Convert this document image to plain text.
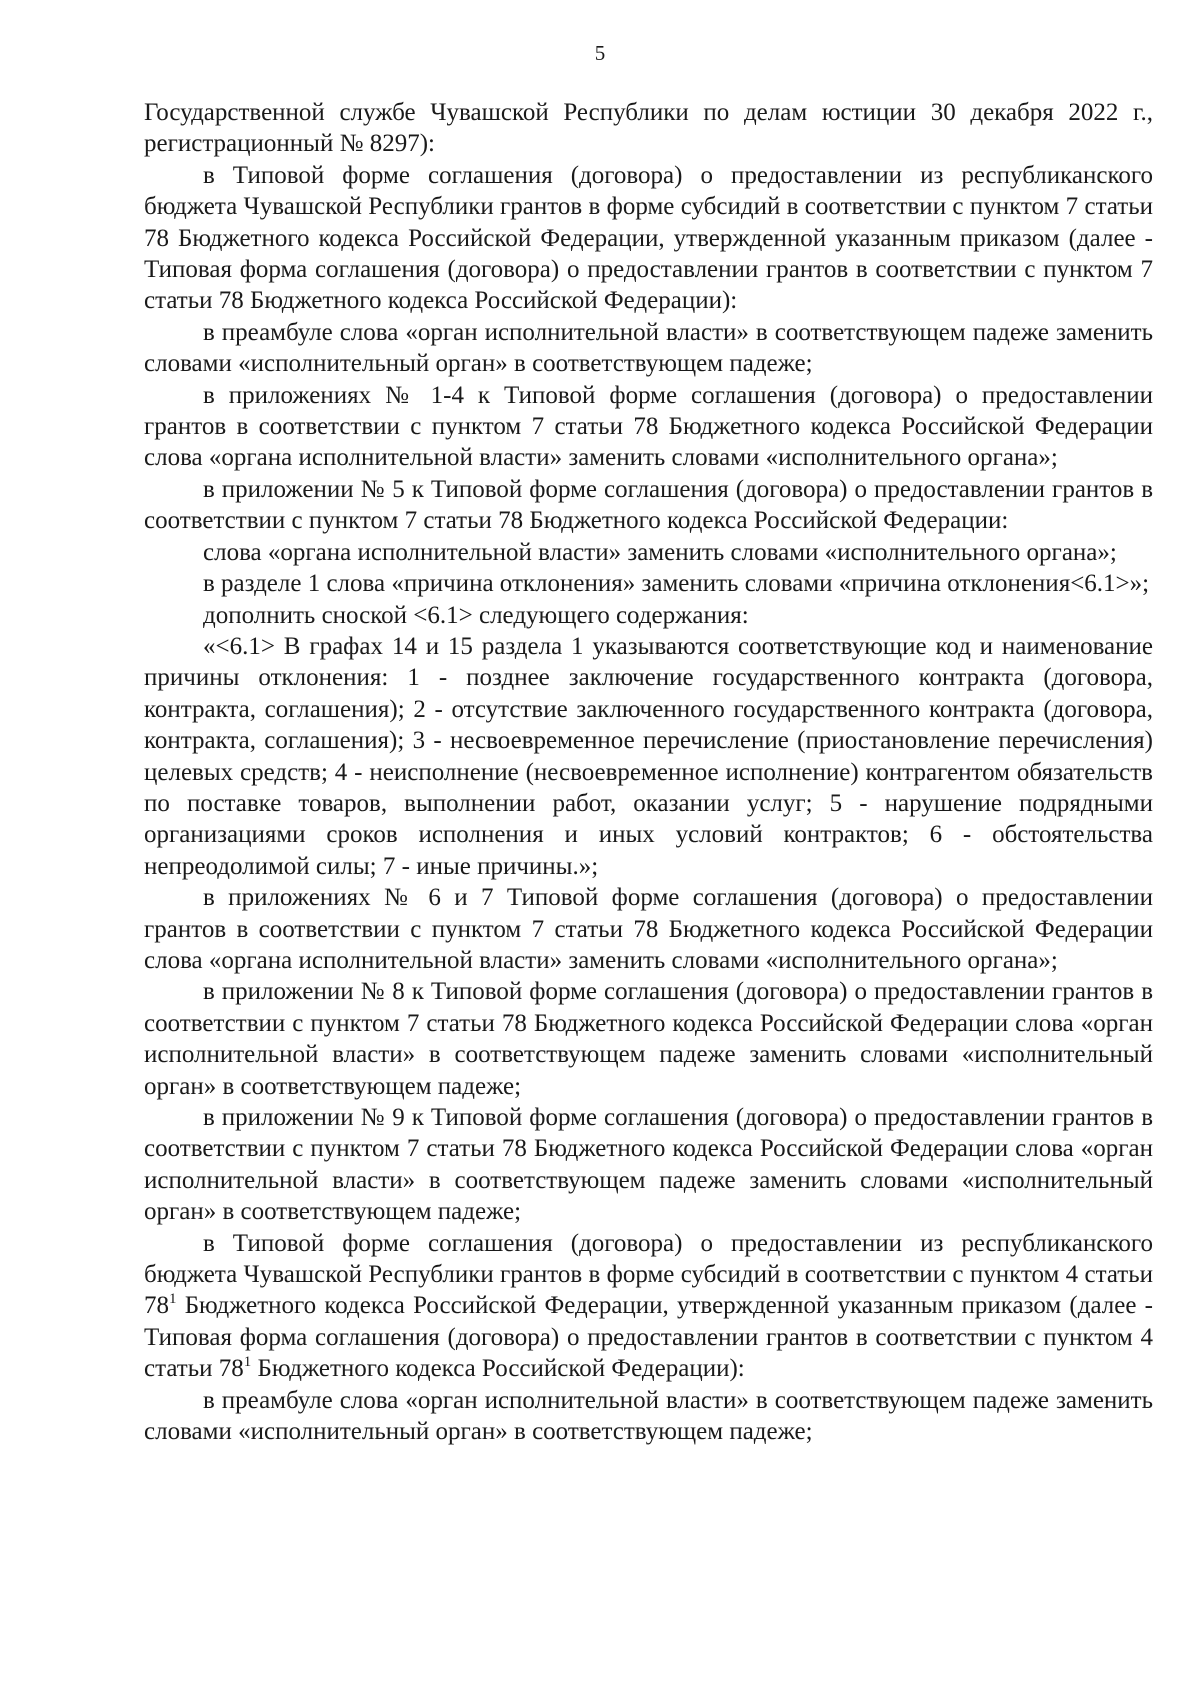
5

Государственной службе Чувашской Республики по делам юстиции 30 декабря 2022 г., регистрационный № 8297):

в Типовой форме соглашения (договора) о предоставлении из республиканского бюджета Чувашской Республики грантов в форме субсидий в соответствии с пунктом 7 статьи 78 Бюджетного кодекса Российской Федерации, утвержденной указанным приказом (далее - Типовая форма соглашения (договора) о предоставлении грантов в соответствии с пунктом 7 статьи 78 Бюджетного кодекса Российской Федерации):

в преамбуле слова «орган исполнительной власти» в соответствующем падеже заменить словами «исполнительный орган» в соответствующем падеже;

в приложениях № 1-4 к Типовой форме соглашения (договора) о предоставлении грантов в соответствии с пунктом 7 статьи 78 Бюджетного кодекса Российской Федерации слова «органа исполнительной власти» заменить словами «исполнительного органа»;

в приложении № 5 к Типовой форме соглашения (договора) о предоставлении грантов в соответствии с пунктом 7 статьи 78 Бюджетного кодекса Российской Федерации:

слова «органа исполнительной власти» заменить словами «исполнительного органа»;

в разделе 1 слова «причина отклонения» заменить словами «причина отклонения<6.1>»;

дополнить сноской <6.1> следующего содержания:

«<6.1> В графах 14 и 15 раздела 1 указываются соответствующие код и наименование причины отклонения: 1 - позднее заключение государственного контракта (договора, контракта, соглашения); 2 - отсутствие заключенного государственного контракта (договора, контракта, соглашения); 3 - несвоевременное перечисление (приостановление перечисления) целевых средств; 4 - неисполнение (несвоевременное исполнение) контрагентом обязательств по поставке товаров, выполнении работ, оказании услуг; 5 - нарушение подрядными организациями сроков исполнения и иных условий контрактов; 6 - обстоятельства непреодолимой силы; 7 - иные причины.»;

в приложениях № 6 и 7 Типовой форме соглашения (договора) о предоставлении грантов в соответствии с пунктом 7 статьи 78 Бюджетного кодекса Российской Федерации слова «органа исполнительной власти» заменить словами «исполнительного органа»;

в приложении № 8 к Типовой форме соглашения (договора) о предоставлении грантов в соответствии с пунктом 7 статьи 78 Бюджетного кодекса Российской Федерации слова «орган исполнительной власти» в соответствующем падеже заменить словами «исполнительный орган» в соответствующем падеже;

в приложении № 9 к Типовой форме соглашения (договора) о предоставлении грантов в соответствии с пунктом 7 статьи 78 Бюджетного кодекса Российской Федерации слова «орган исполнительной власти» в соответствующем падеже заменить словами «исполнительный орган» в соответствующем падеже;

в Типовой форме соглашения (договора) о предоставлении из республиканского бюджета Чувашской Республики грантов в форме субсидий в соответствии с пунктом 4 статьи $78^1$ Бюджетного кодекса Российской Федерации, утвержденной указанным приказом (далее - Типовая форма соглашения (договора) о предоставлении грантов в соответствии с пунктом 4 статьи $78^1$ Бюджетного кодекса Российской Федерации):

в преамбуле слова «орган исполнительной власти» в соответствующем падеже заменить словами «исполнительный орган» в соответствующем падеже;
